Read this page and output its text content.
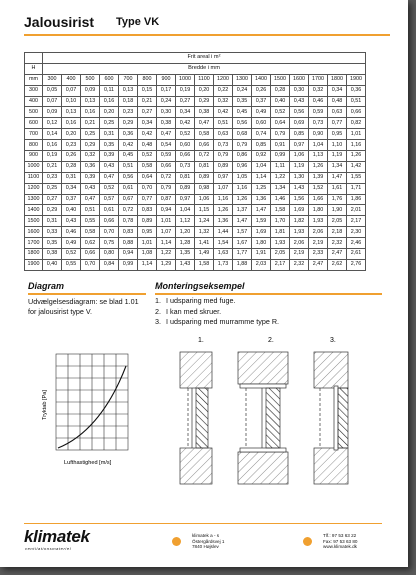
Jalousirist Type VK
	Frit areal i m²																
H	Bredde i mm																
mm	300	400	500	600	700	800	900	1000	1100	1200	1300	1400	1500	1600	1700	1800	1900
300	0,05	0,07	0,09	0,11	0,13	0,15	0,17	0,19	0,20	0,22	0,24	0,26	0,28	0,30	0,32	0,34	0,36
400	0,07	0,10	0,13	0,16	0,18	0,21	0,24	0,27	0,29	0,32	0,35	0,37	0,40	0,43	0,46	0,48	0,51
500	0,09	0,13	0,16	0,20	0,23	0,27	0,30	0,34	0,38	0,42	0,45	0,49	0,52	0,56	0,59	0,63	0,66
600	0,12	0,16	0,21	0,25	0,29	0,34	0,38	0,42	0,47	0,51	0,56	0,60	0,64	0,69	0,73	0,77	0,82
700	0,14	0,20	0,25	0,31	0,36	0,42	0,47	0,52	0,58	0,63	0,68	0,74	0,79	0,85	0,90	0,95	1,01
800	0,16	0,23	0,29	0,35	0,42	0,48	0,54	0,60	0,66	0,73	0,79	0,85	0,91	0,97	1,04	1,10	1,16
900	0,19	0,26	0,32	0,39	0,45	0,52	0,59	0,66	0,72	0,79	0,86	0,92	0,99	1,06	1,13	1,19	1,26
1000	0,21	0,28	0,36	0,43	0,51	0,58	0,66	0,73	0,81	0,89	0,96	1,04	1,11	1,19	1,26	1,34	1,42
1100	0,23	0,31	0,39	0,47	0,56	0,64	0,72	0,81	0,89	0,97	1,05	1,14	1,22	1,30	1,39	1,47	1,55
1200	0,25	0,34	0,43	0,52	0,61	0,70	0,79	0,89	0,98	1,07	1,16	1,25	1,34	1,43	1,52	1,61	1,71
1300	0,27	0,37	0,47	0,57	0,67	0,77	0,87	0,97	1,06	1,16	1,26	1,36	1,46	1,56	1,66	1,76	1,86
1400	0,29	0,40	0,51	0,61	0,72	0,83	0,94	1,04	1,15	1,26	1,37	1,47	1,58	1,69	1,80	1,90	2,01
1500	0,31	0,43	0,55	0,66	0,78	0,89	1,01	1,12	1,24	1,36	1,47	1,59	1,70	1,82	1,93	2,05	2,17
1600	0,33	0,46	0,58	0,70	0,83	0,95	1,07	1,20	1,32	1,44	1,57	1,69	1,81	1,93	2,06	2,18	2,30
1700	0,35	0,49	0,62	0,75	0,88	1,01	1,14	1,28	1,41	1,54	1,67	1,80	1,93	2,06	2,19	2,32	2,46
1800	0,38	0,52	0,66	0,80	0,94	1,08	1,22	1,35	1,49	1,63	1,77	1,91	2,05	2,19	2,33	2,47	2,61
1900	0,40	0,55	0,70	0,84	0,99	1,14	1,29	1,43	1,58	1,73	1,88	2,03	2,17	2,32	2,47	2,62	2,76
Diagram	Monteringseksempel
Udvælgelsesdiagram: se blad 1.01 for jalousirist type V.
1. I udsparing med fuge.
2. I kan med skruer.
3. I udsparing med murramme type R.
Tryktab [Pa]
Lufthastighed [m/s]
1.	2.	3.
klimatek
ventilationsmateriel
klimatek a - s
Östergårdsvej 1
7840 Højslev
Tlf.: 97 53 63 22
Fax: 97 53 63 80
www.klimatek.dk
